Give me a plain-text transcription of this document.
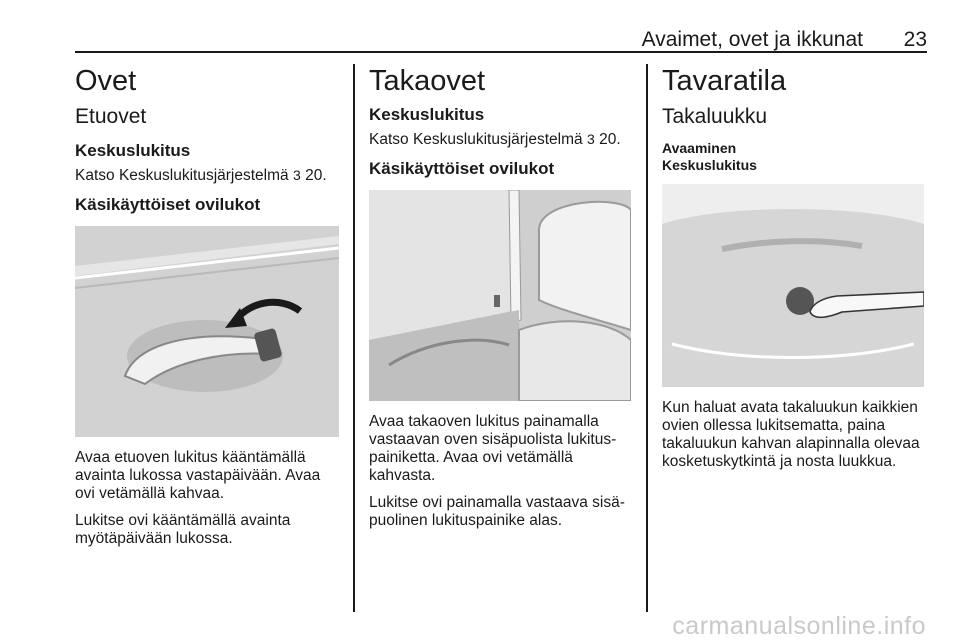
Avaimet, ovet ja ikkunat 23
Ovet
Etuovet
Keskuslukitus

Katso Keskuslukitusjärjestelmä 3 20.

Käsikäyttöiset ovilukot

Avaa etuoven lukitus kääntämällä avainta lukossa vastapäivään. Avaa ovi vetämällä kahvaa.

Lukitse ovi kääntämällä avainta myötäpäivään lukossa.

Takaovet
Keskuslukitus

Katso Keskuslukitusjärjestelmä 3 20.

Käsikäyttöiset ovilukot

Avaa takaoven lukitus painamalla vastaavan oven sisäpuolista lukitus-painiketta. Avaa ovi vetämällä kahvasta.

Lukitse ovi painamalla vastaava sisä-puolinen lukituspainike alas.

Tavaratila
Takaluukku
Avaaminen
Keskuslukitus

Kun haluat avata takaluukun kaikkien ovien ollessa lukitsematta, paina takaluukun kahvan alapinnalla olevaa kosketuskytkintä ja nosta luukkua.

carmanualsonline.info
